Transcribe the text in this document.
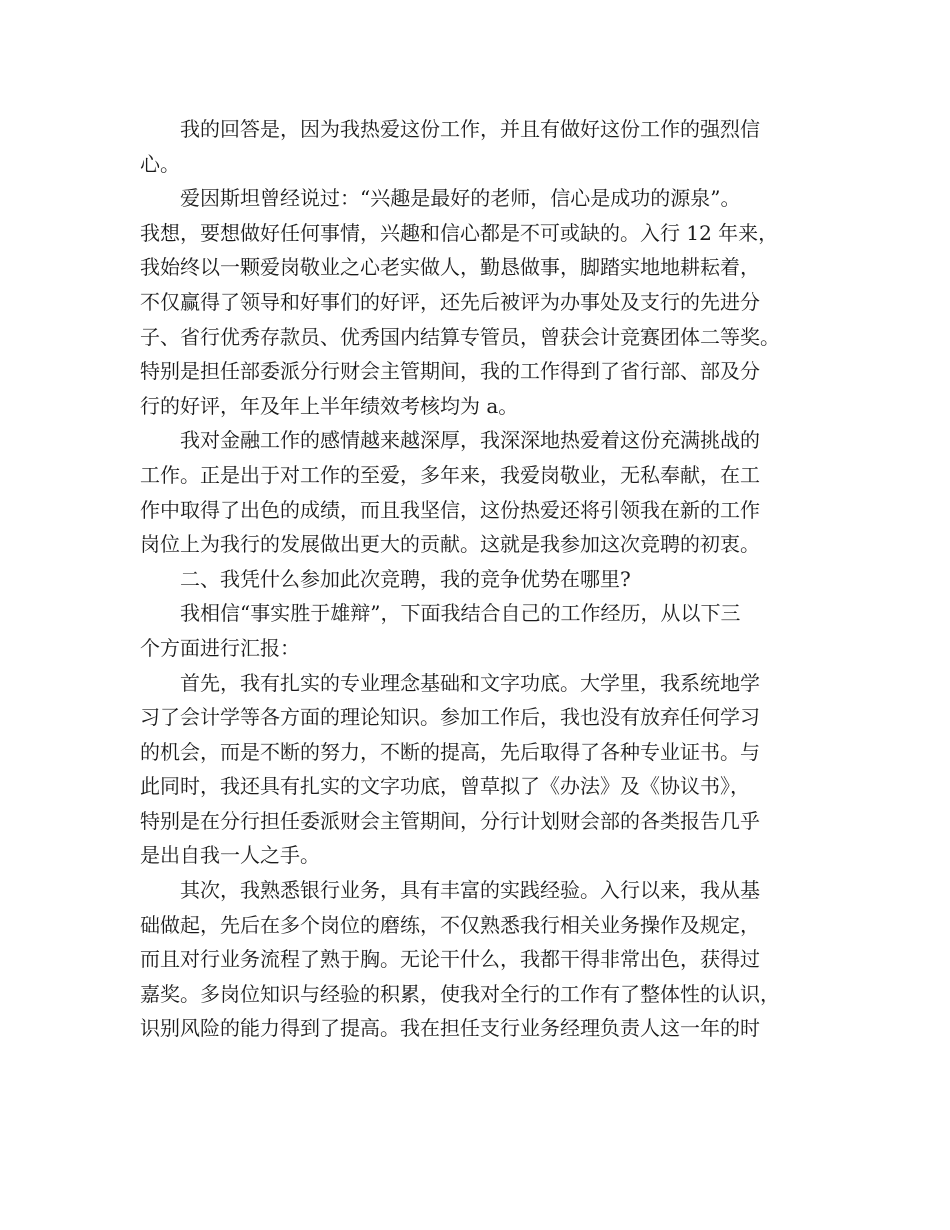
我的回答是，因为我热爱这份工作，并且有做好这份工作的强烈信
心。
爱因斯坦曾经说过：“兴趣是最好的老师，信心是成功的源泉”。
我想，要想做好任何事情，兴趣和信心都是不可或缺的。入行 12 年来，
我始终以一颗爱岗敬业之心老实做人，勤恳做事，脚踏实地地耕耘着，
不仅赢得了领导和好事们的好评，还先后被评为办事处及支行的先进分
子、省行优秀存款员、优秀国内结算专管员，曾获会计竞赛团体二等奖。
特别是担任部委派分行财会主管期间，我的工作得到了省行部、部及分
行的好评，年及年上半年绩效考核均为 a。
我对金融工作的感情越来越深厚，我深深地热爱着这份充满挑战的
工作。正是出于对工作的至爱，多年来，我爱岗敬业，无私奉献，在工
作中取得了出色的成绩，而且我坚信，这份热爱还将引领我在新的工作
岗位上为我行的发展做出更大的贡献。这就是我参加这次竞聘的初衷。
二、我凭什么参加此次竞聘，我的竞争优势在哪里?
我相信“事实胜于雄辩”，下面我结合自己的工作经历，从以下三
个方面进行汇报：
首先，我有扎实的专业理念基础和文字功底。大学里，我系统地学
习了会计学等各方面的理论知识。参加工作后，我也没有放弃任何学习
的机会，而是不断的努力，不断的提高，先后取得了各种专业证书。与
此同时，我还具有扎实的文字功底，曾草拟了《办法》及《协议书》，
特别是在分行担任委派财会主管期间，分行计划财会部的各类报告几乎
是出自我一人之手。
其次，我熟悉银行业务，具有丰富的实践经验。入行以来，我从基
础做起，先后在多个岗位的磨练，不仅熟悉我行相关业务操作及规定，
而且对行业务流程了熟于胸。无论干什么，我都干得非常出色，获得过
嘉奖。多岗位知识与经验的积累，使我对全行的工作有了整体性的认识，
识别风险的能力得到了提高。我在担任支行业务经理负责人这一年的时
